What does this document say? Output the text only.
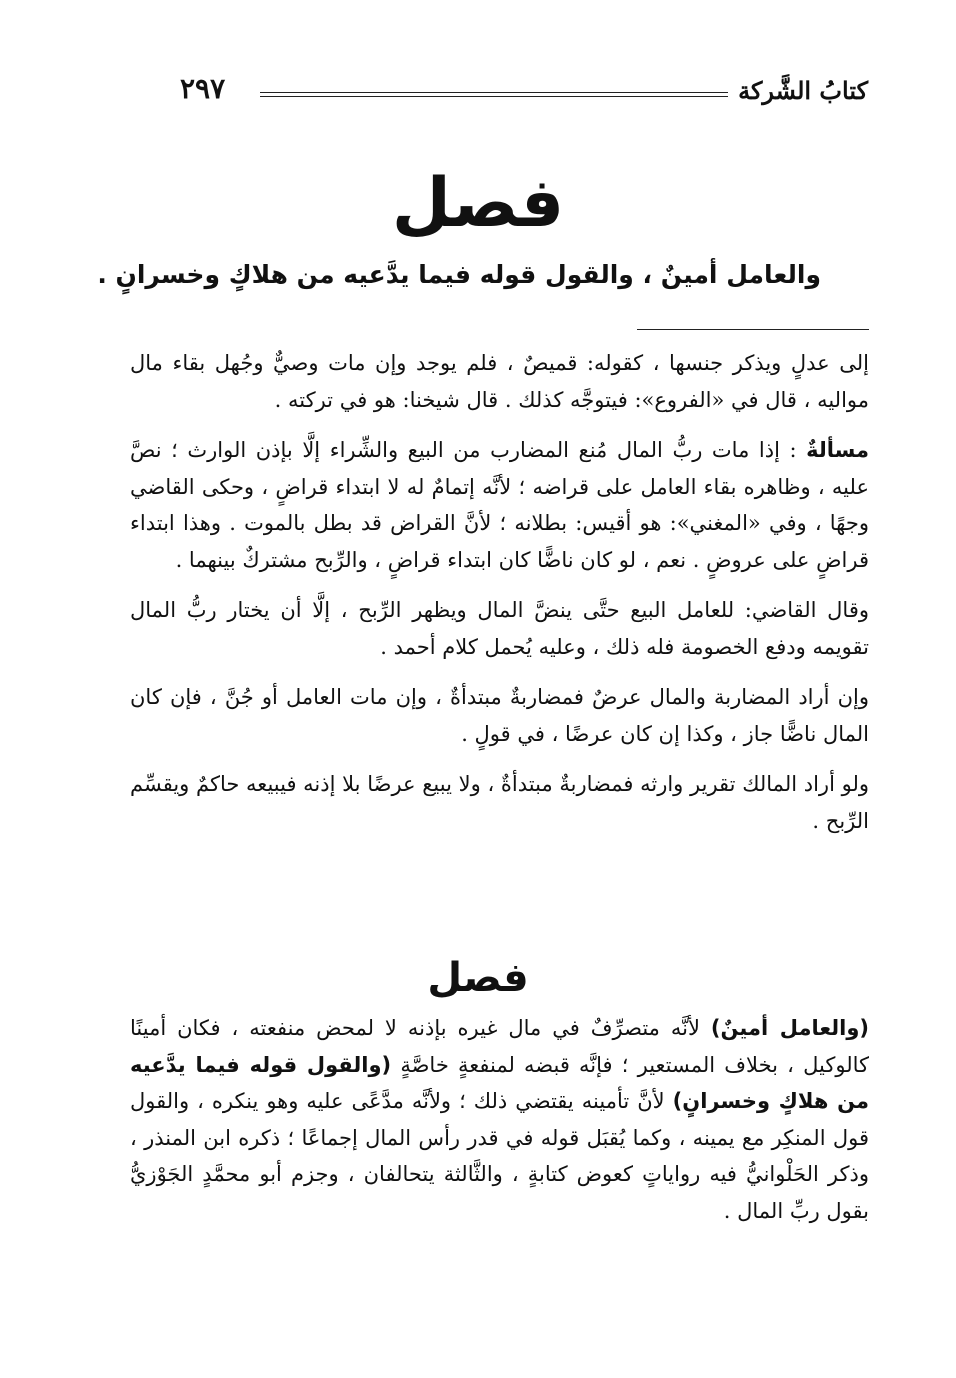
كتابُ الشَّركة
٢٩٧
فصل
والعامل أمينٌ ، والقول قوله فيما يدَّعيه من هلاكٍ وخسرانٍ .

إلى عدلٍ ويذكر جنسها ، كقوله: قميصٌ ، فلم يوجد وإن مات وصيٌّ وجُهل بقاء مال مواليه ، قال في «الفروع»: فيتوجَّه كذلك . قال شيخنا: هو في تركته .

مسألةٌ : إذا مات ربُّ المال مُنع المضارب من البيع والشِّراء إلَّا بإذن الوارث ؛ نصَّ عليه ، وظاهره بقاء العامل على قراضه ؛ لأنَّه إتمامٌ له لا ابتداء قراضٍ ، وحكى القاضي وجهًا ، وفي «المغني»: هو أقيس: بطلانه ؛ لأنَّ القراض قد بطل بالموت . وهذا ابتداء قراضٍ على عروضٍ . نعم ، لو كان ناضًّا كان ابتداء قراضٍ ، والرِّبح مشتركٌ بينهما .

وقال القاضي: للعامل البيع حتَّى ينضَّ المال ويظهر الرِّبح ، إلَّا أن يختار ربُّ المال تقويمه ودفع الخصومة فله ذلك ، وعليه يُحمل كلام أحمد .

وإن أراد المضاربة والمال عرضٌ فمضاربةٌ مبتدأةٌ ، وإن مات العامل أو جُنَّ ، فإن كان المال ناضًّا جاز ، وكذا إن كان عرضًا ، في قولٍ .

ولو أراد المالك تقرير وارثه فمضاربةٌ مبتدأةٌ ، ولا يبيع عرضًا بلا إذنه فيبيعه حاكمٌ ويقسِّم الرِّبح .

فصل

(والعامل أمينٌ) لأنَّه متصرِّفٌ في مال غيره بإذنه لا لمحض منفعته ، فكان أمينًا كالوكيل ، بخلاف المستعير ؛ فإنَّه قبضه لمنفعةٍ خاصَّةٍ (والقول قوله فيما يدَّعيه من هلاكٍ وخسرانٍ) لأنَّ تأمينه يقتضي ذلك ؛ ولأنَّه مدَّعًى عليه وهو ينكره ، والقول قول المنكِر مع يمينه ، وكما يُقبَل قوله في قدر رأس المال إجماعًا ؛ ذكره ابن المنذر ، وذكر الحَلْوانيُّ فيه رواياتٍ كعوض كتابةٍ ، والثَّالثة يتحالفان ، وجزم أبو محمَّدٍ الجَوْزيُّ بقول ربِّ المال .
